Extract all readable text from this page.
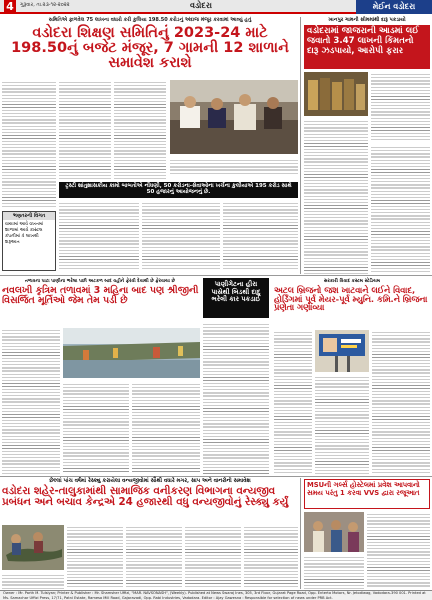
4	ગુરૂવાર, તા.૨૩-૧૨-૨૦૨૨	વડોદરા	મેઈન વડોદરા
સમિતિએ ફાળવેલ 75 લાખના વધારો કરી કુલિયા 198.50 કરોડનું અંદાજ મંજૂર કરવામાં આવ્યું હતું
વડોદરા શિક્ષણ સમિતિનું 2023-24 માટે 198.50નું બજેટ મંજૂર, 7 ગામની 12 શાળાને સમાવેશ કરાશે
ટ્રસ્ટી શાંતુશાસકીય કામો બાબતોએ નોંધણી, 50 કરોડના-સેવાઓના ખર્ચના કુલીયાએ 195 કરોડ સાથે 50 હજારનું આયોજનનું છે.
ભણતરની વિગત
વાયામાં આવે વખતમાં શાળામાં આવે કાસ્ટલ કંપનીમાં 4 લાખથી શરૂઆત
ખાનપુર ગામની સીમમાંથી દારૂ પકડાયો
વડોદરામાં જાજરાની આડમાં લઈ જવાતો 3.47 લાખની કિંમતનો દારૂ ઝડપાયો, આરોપી ફરાર
તળાવના પાટા પાણીના ભરેલા પછી અટકળ બાદ વહીને ફેરવી દેવાથી છે ફેરવાયા છે
નવલખી કૃત્રિમ તળાવમાં 3 મહિના બાદ પણ શ્રીજીની વિસર્જિત મૂર્તિઓ જેમ તેમ પડી છે
પાણીગેટના હીરા પાસેથી બિડથી દાદુ ભરેલી કાર પકડાઈ
સરકારી વિવાદ કસ્ટમ સ્ટેડિયમ
અટલ બ્રિજનો જશ ખાટવાને લઈને વિવાદ, હોર્ડિંગમાં પૂર્વ મેયર-પૂર્વ મ્યુનિ. કમિ.ને બ્રિજના પ્રણેતા ગણાવ્યા
છેલ્લાં પાંચ વર્ષમાં રેસ્ક્યુ કરાયેલા વન્યજીવોમાં સૌથી વધારે મગર, સાપ અને વાનરોનો સમાવેશ
વડોદરા શહેર-તાલુકામાંથી સામાજિક વનીકરણ વિભાગના વન્યજીવ પ્રબંધન અને બચાવ કેન્દ્રએ 24 હજારથી વધુ વન્યજીવોનું રેસ્ક્યુ કર્યું
MSUની ગર્લ્સ હોસ્ટેલમાં પ્રવેશ આપવાનો સમય પરંતુ 1 કરવા VVS દ્વારા રજૂઆત
Owner : Mr. Parth M. Tulsiyan; Printer & Publisher : Mr. Shamsher Uffizi, "MAR. NAVSONASH", (Weekly). Published at News Swaraj Ines, 305, 3rd Floor, Gujarat Page Road, Opp. Enterta Motors, Nr. Jetodiwag, Vadodara-390 001. Printed at Ms. Samachar Uffizi Press, 17/71, Patni Estate, Ramesa Mill Road, Gajaravadi, Opp. Rabi Industries, Vadodara. Editor : Ajay Gawesna : Responsible for selection of news under PRB Act.
